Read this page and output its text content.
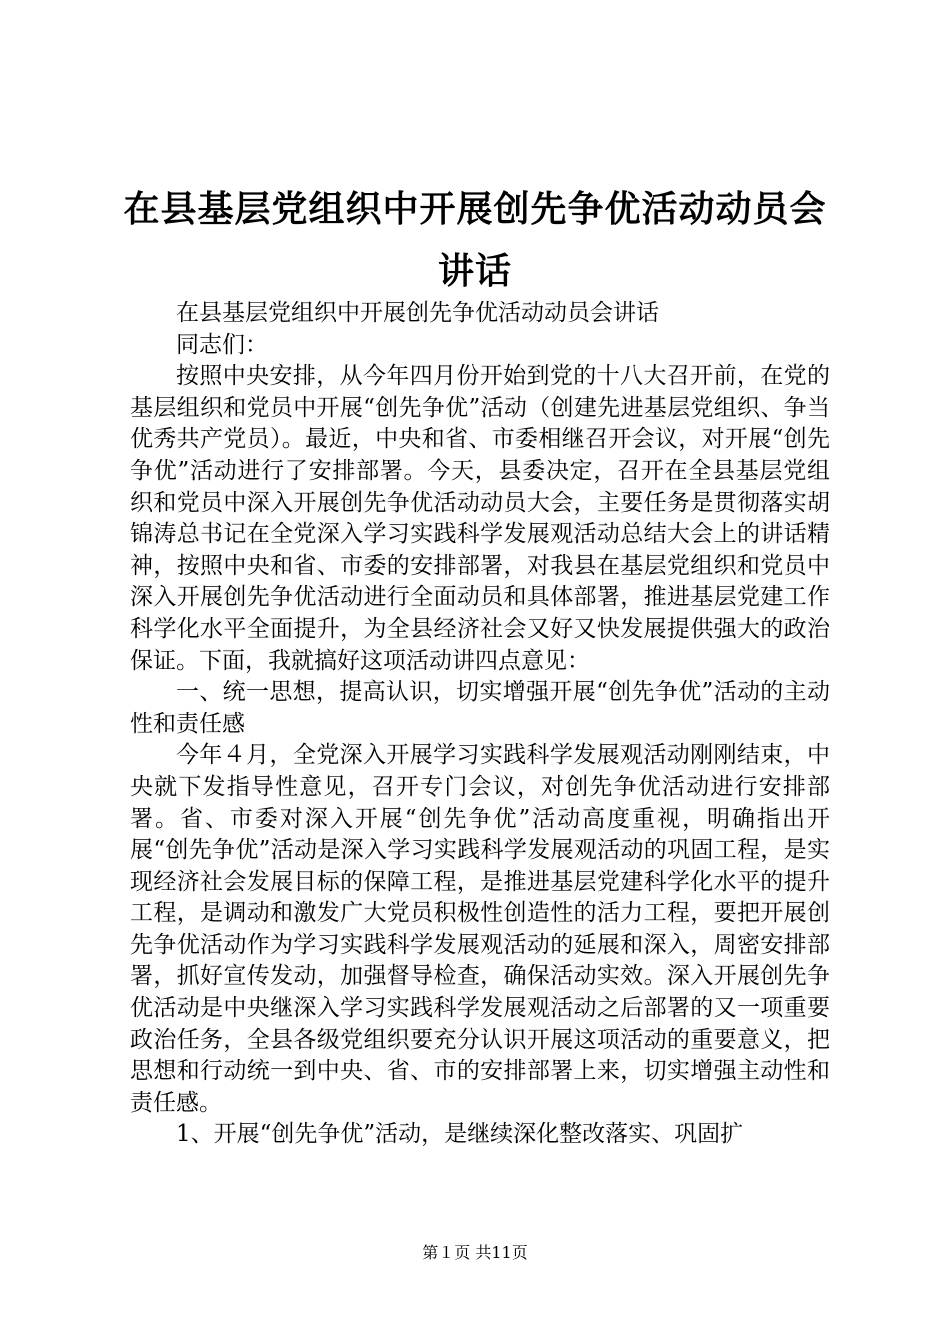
在县基层党组织中开展创先争优活动动员会讲话

在县基层党组织中开展创先争优活动动员会讲话

同志们：

按照中央安排，从今年四月份开始到党的十八大召开前，在党的基层组织和党员中开展“创先争优”活动（创建先进基层党组织、争当优秀共产党员）。最近，中央和省、市委相继召开会议，对开展“创先争优”活动进行了安排部署。今天，县委决定，召开在全县基层党组织和党员中深入开展创先争优活动动员大会，主要任务是贯彻落实胡锦涛总书记在全党深入学习实践科学发展观活动总结大会上的讲话精神，按照中央和省、市委的安排部署，对我县在基层党组织和党员中深入开展创先争优活动进行全面动员和具体部署，推进基层党建工作科学化水平全面提升，为全县经济社会又好又快发展提供强大的政治保证。下面，我就搞好这项活动讲四点意见：

一、统一思想，提高认识，切实增强开展“创先争优”活动的主动性和责任感

今年４月，全党深入开展学习实践科学发展观活动刚刚结束，中央就下发指导性意见，召开专门会议，对创先争优活动进行安排部署。省、市委对深入开展“创先争优”活动高度重视，明确指出开展“创先争优”活动是深入学习实践科学发展观活动的巩固工程，是实现经济社会发展目标的保障工程，是推进基层党建科学化水平的提升工程，是调动和激发广大党员积极性创造性的活力工程，要把开展创先争优活动作为学习实践科学发展观活动的延展和深入，周密安排部署，抓好宣传发动，加强督导检查，确保活动实效。深入开展创先争优活动是中央继深入学习实践科学发展观活动之后部署的又一项重要政治任务，全县各级党组织要充分认识开展这项活动的重要意义，把思想和行动统一到中央、省、市的安排部署上来，切实增强主动性和责任感。

1、开展“创先争优”活动，是继续深化整改落实、巩固扩

第１页 共11页
